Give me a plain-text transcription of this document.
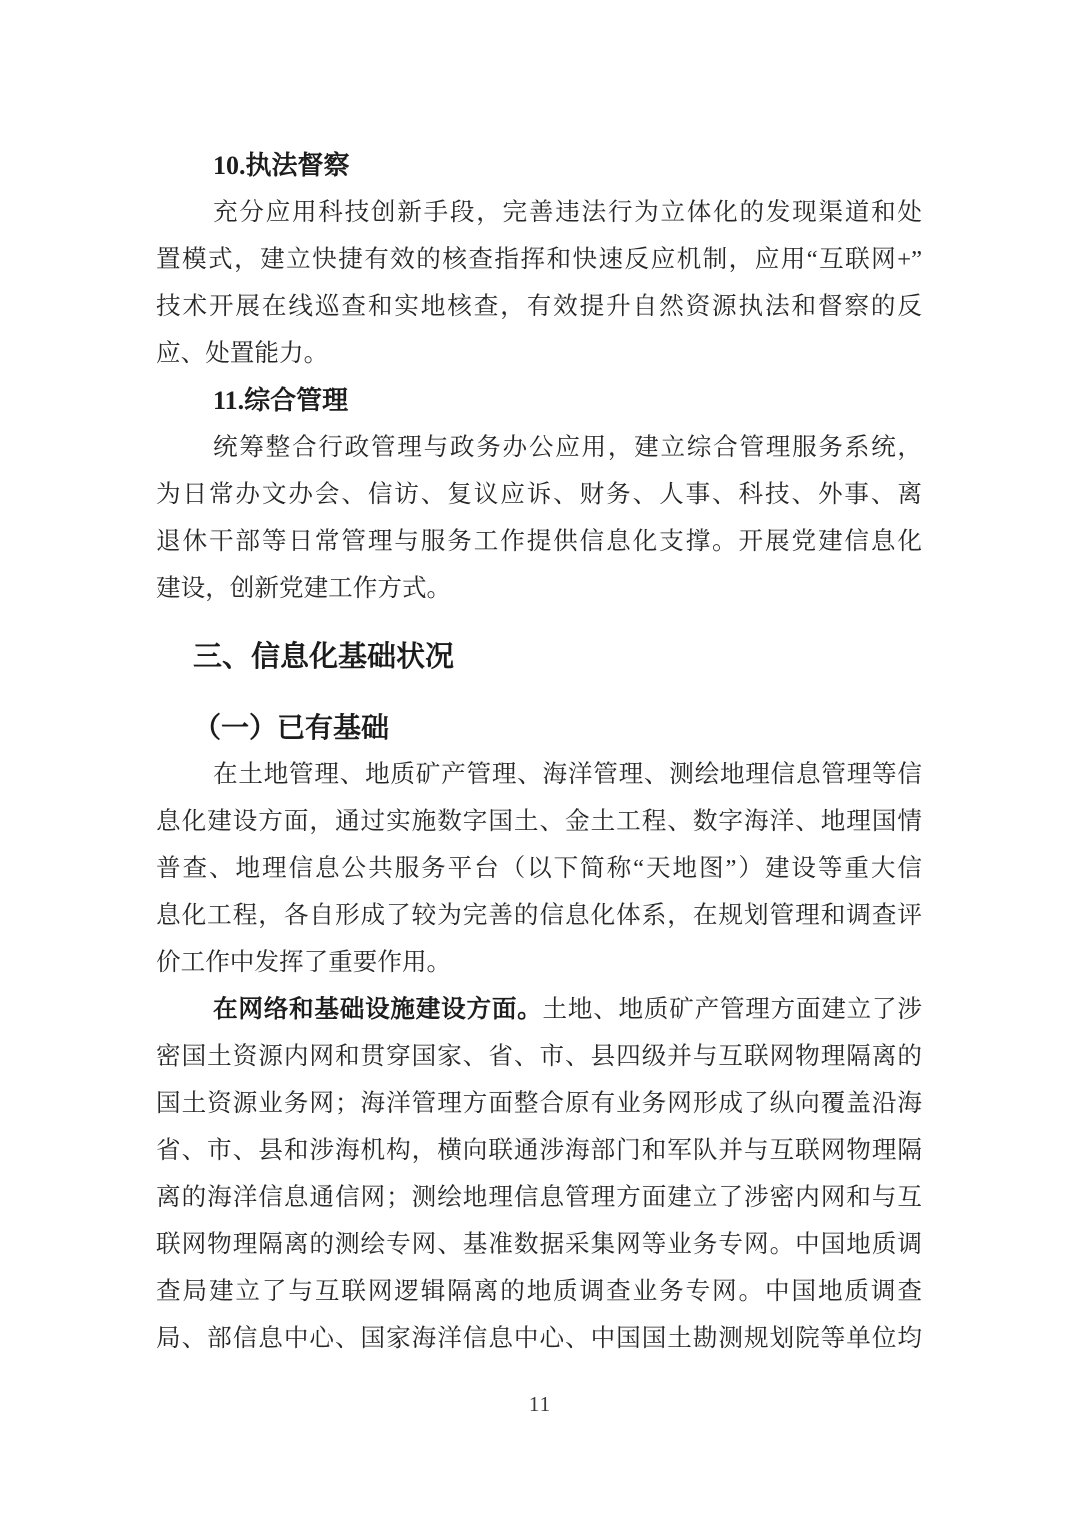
10.执法督察
充分应用科技创新手段，完善违法行为立体化的发现渠道和处
置模式，建立快捷有效的核查指挥和快速反应机制，应用“互联网+”
技术开展在线巡查和实地核查，有效提升自然资源执法和督察的反
应、处置能力。
11.综合管理
统筹整合行政管理与政务办公应用，建立综合管理服务系统，
为日常办文办会、信访、复议应诉、财务、人事、科技、外事、离
退休干部等日常管理与服务工作提供信息化支撑。开展党建信息化
建设，创新党建工作方式。
三、信息化基础状况
（一）已有基础
在土地管理、地质矿产管理、海洋管理、测绘地理信息管理等信
息化建设方面，通过实施数字国土、金土工程、数字海洋、地理国情
普查、地理信息公共服务平台（以下简称“天地图”）建设等重大信
息化工程，各自形成了较为完善的信息化体系，在规划管理和调查评
价工作中发挥了重要作用。
在网络和基础设施建设方面。土地、地质矿产管理方面建立了涉
密国土资源内网和贯穿国家、省、市、县四级并与互联网物理隔离的
国土资源业务网；海洋管理方面整合原有业务网形成了纵向覆盖沿海
省、市、县和涉海机构，横向联通涉海部门和军队并与互联网物理隔
离的海洋信息通信网；测绘地理信息管理方面建立了涉密内网和与互
联网物理隔离的测绘专网、基准数据采集网等业务专网。中国地质调
查局建立了与互联网逻辑隔离的地质调查业务专网。中国地质调查
局、部信息中心、国家海洋信息中心、中国国土勘测规划院等单位均
11
